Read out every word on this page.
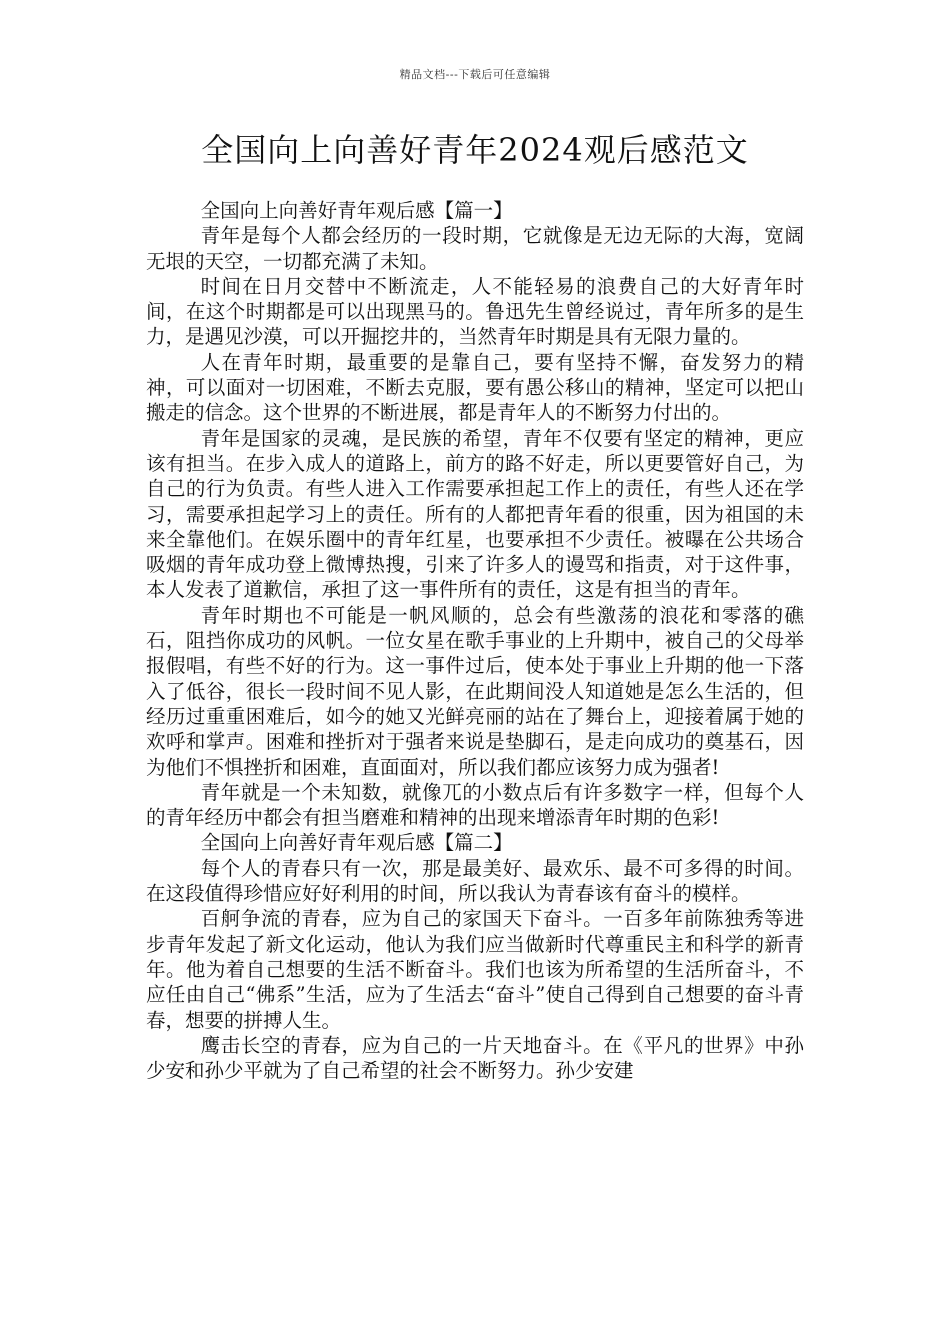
精品文档---下载后可任意编辑
全国向上向善好青年2024观后感范文

全国向上向善好青年观后感【篇一】

青年是每个人都会经历的一段时期，它就像是无边无际的大海，宽阔无垠的天空，一切都充满了未知。

时间在日月交替中不断流走，人不能轻易的浪费自己的大好青年时间，在这个时期都是可以出现黑马的。鲁迅先生曾经说过，青年所多的是生力，是遇见沙漠，可以开掘挖井的，当然青年时期是具有无限力量的。

人在青年时期，最重要的是靠自己，要有坚持不懈，奋发努力的精神，可以面对一切困难，不断去克服，要有愚公移山的精神，坚定可以把山搬走的信念。这个世界的不断进展，都是青年人的不断努力付出的。

青年是国家的灵魂，是民族的希望，青年不仅要有坚定的精神，更应该有担当。在步入成人的道路上，前方的路不好走，所以更要管好自己，为自己的行为负责。有些人进入工作需要承担起工作上的责任，有些人还在学习，需要承担起学习上的责任。所有的人都把青年看的很重，因为祖国的未来全靠他们。在娱乐圈中的青年红星，也要承担不少责任。被曝在公共场合吸烟的青年成功登上微博热搜，引来了许多人的谩骂和指责，对于这件事，本人发表了道歉信，承担了这一事件所有的责任，这是有担当的青年。

青年时期也不可能是一帆风顺的，总会有些激荡的浪花和零落的礁石，阻挡你成功的风帆。一位女星在歌手事业的上升期中，被自己的父母举报假唱，有些不好的行为。这一事件过后，使本处于事业上升期的他一下落入了低谷，很长一段时间不见人影，在此期间没人知道她是怎么生活的，但经历过重重困难后，如今的她又光鲜亮丽的站在了舞台上，迎接着属于她的欢呼和掌声。困难和挫折对于强者来说是垫脚石，是走向成功的奠基石，因为他们不惧挫折和困难，直面面对，所以我们都应该努力成为强者!

青年就是一个未知数，就像兀的小数点后有许多数字一样，但每个人的青年经历中都会有担当磨难和精神的出现来增添青年时期的色彩!

全国向上向善好青年观后感【篇二】

每个人的青春只有一次，那是最美好、最欢乐、最不可多得的时间。在这段值得珍惜应好好利用的时间，所以我认为青春该有奋斗的模样。

百舸争流的青春，应为自己的家国天下奋斗。一百多年前陈独秀等进步青年发起了新文化运动，他认为我们应当做新时代尊重民主和科学的新青年。他为着自己想要的生活不断奋斗。我们也该为所希望的生活所奋斗，不应任由自己“佛系”生活，应为了生活去“奋斗”使自己得到自己想要的奋斗青春，想要的拼搏人生。

鹰击长空的青春，应为自己的一片天地奋斗。在《平凡的世界》中孙少安和孙少平就为了自己希望的社会不断努力。孙少安建
